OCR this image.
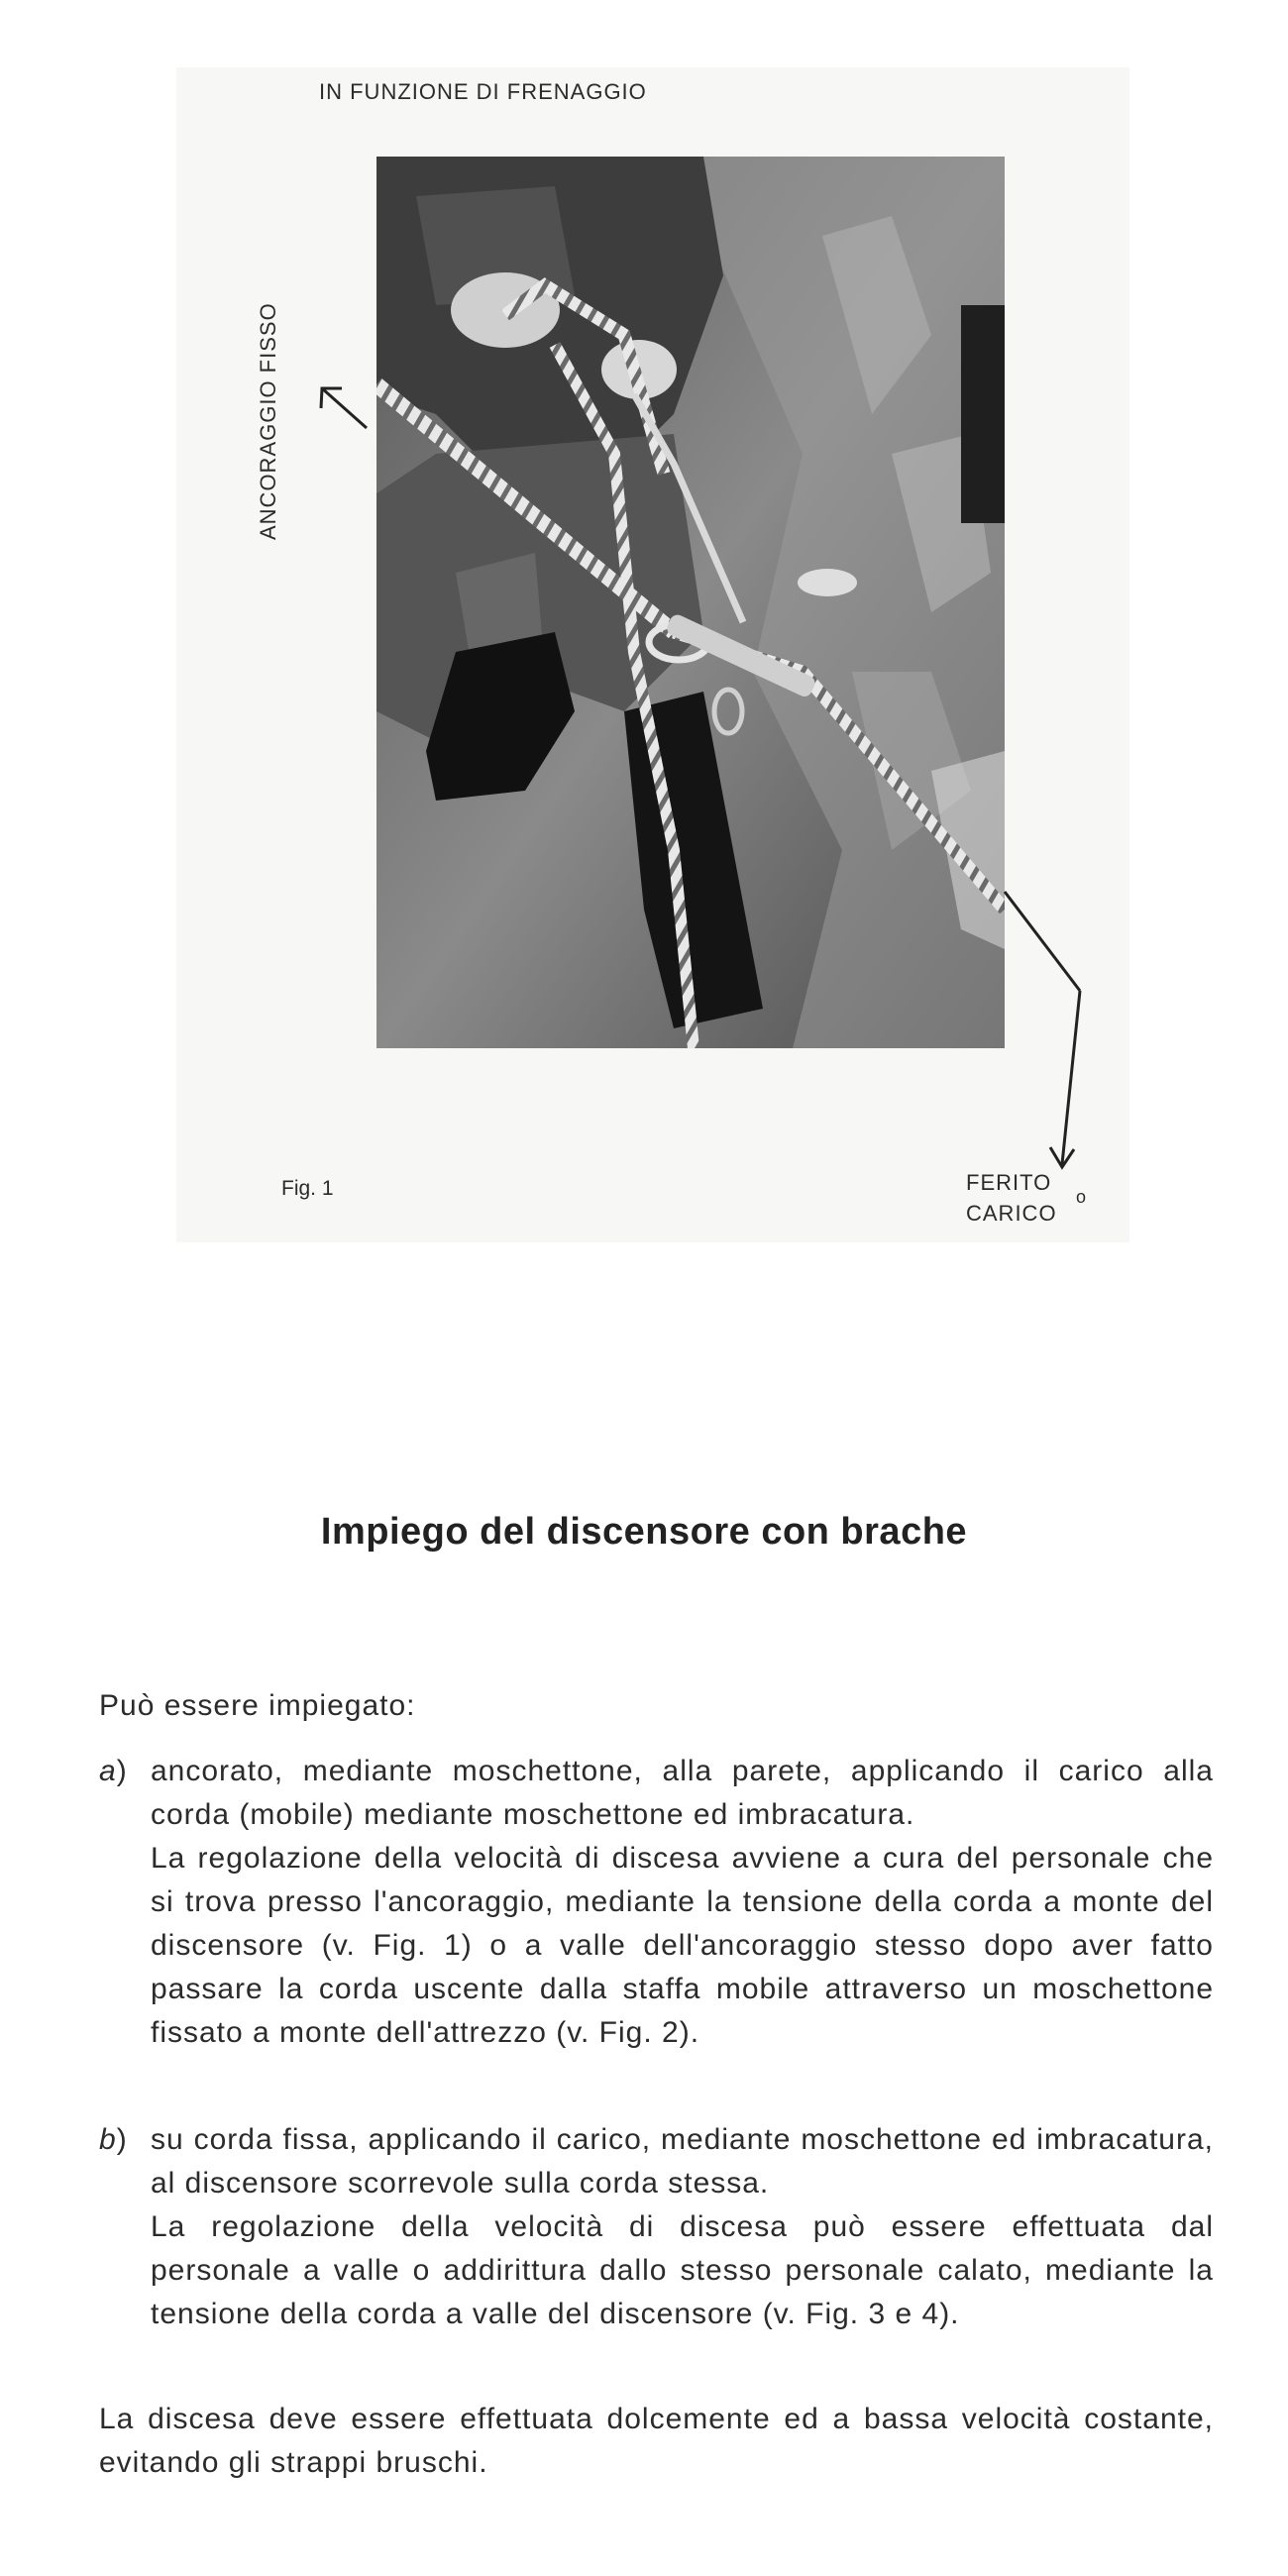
IN FUNZIONE DI FRENAGGIO
ANCORAGGIO FISSO
Fig. 1	FERITO
CARICO
o
Impiego del discensore con brache
Può essere impiegato:
a) ancorato, mediante moschettone, alla parete, applicando il carico alla corda (mobile) mediante moschettone ed imbracatura.
La regolazione della velocità di discesa avviene a cura del personale che si trova presso l'ancoraggio, mediante la tensione della corda a monte del discensore (v. Fig. 1) o a valle dell'ancoraggio stesso dopo aver fatto passare la corda uscente dalla staffa mobile attraverso un moschettone fissato a monte dell'attrezzo (v. Fig. 2).
b) su corda fissa, applicando il carico, mediante moschettone ed imbracatura, al discensore scorrevole sulla corda stessa.
La regolazione della velocità di discesa può essere effettuata dal personale a valle o addirittura dallo stesso personale calato, mediante la tensione della corda a valle del discensore (v. Fig. 3 e 4).
La discesa deve essere effettuata dolcemente ed a bassa velocità costante, evitando gli strappi bruschi.
